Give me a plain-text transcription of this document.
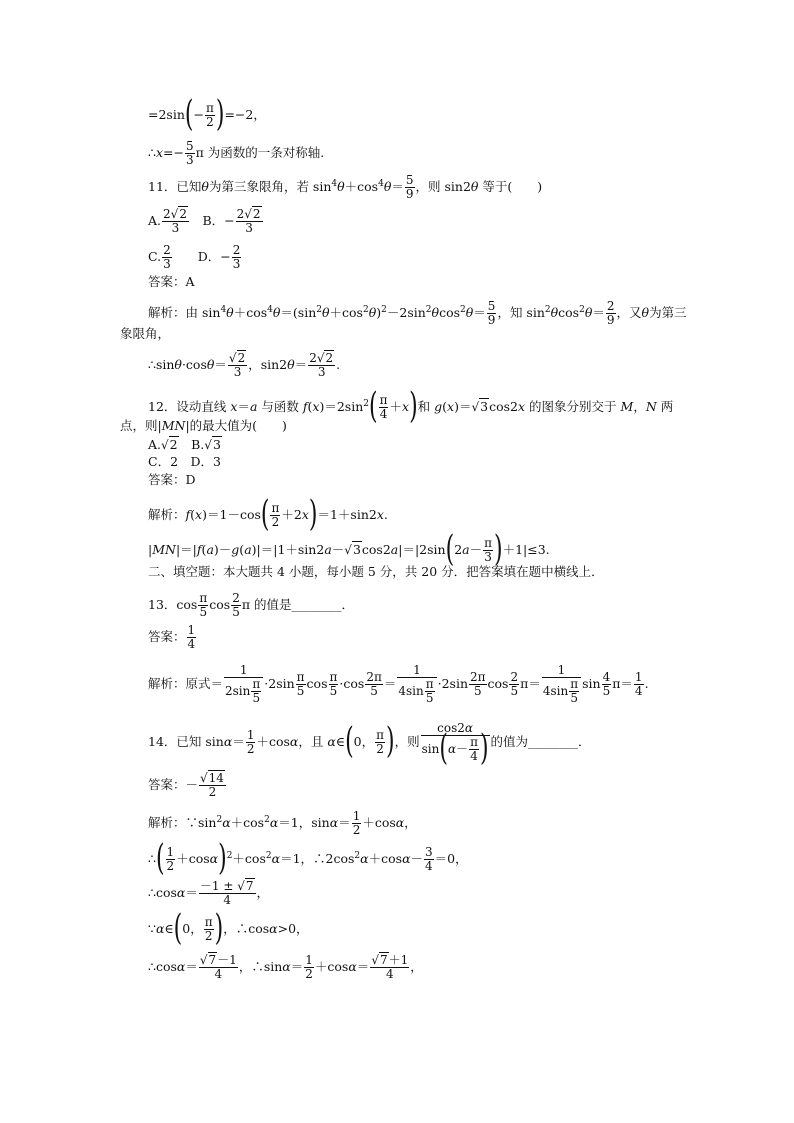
$=2\sin(- \frac{\pi}{2} )=-2$，
∴x=− $\frac{5}{3}$ π 为函数的一条对称轴.
11．已知θ为第三象限角，若 $\sin^4\theta+\cos^4\theta= \frac{5}{9}$ ，则 sin2θ 等于(　　)
A. $\frac{2√2}{3}$ 　B．− $\frac{2√2}{3}$
C. $\frac{2}{3}$ 　　D．− $\frac{2}{3}$
答案：A
解析：由 $\sin^4\theta+\cos^4\theta=(\sin^2\theta+\cos^2\theta)^2-2\sin^2\theta\cos^2\theta= \frac{5}{9}$ ，知 $\sin^2\theta\cos^2\theta= \frac{2}{9}$ ，又θ为第三
象限角，
∴sinθ·cosθ＝ $\frac{√2}{3}$ ，$\sin 2\theta= \frac{2√2}{3}$ .
12．设动直线 x＝a 与函数 $f(x)=2\sin^2( \frac{\pi}{4} +x)$和 g(x)＝√3cos2x 的图象分别交于 M，N 两
点，则|MN|的最大值为(　　)
A.√2　B.√3
C．2　D．3
答案：D
解析：$f(x)=1-\cos( \frac{\pi}{2} +2x)=1+\sin 2x$.
$|MN|=|f(a)-g(a)|=|1+\sin 2a-√3\cos 2a|=|2\sin(2a- \frac{\pi}{3} )+1|\le 3$.
二、填空题：本大题共 4 小题，每小题 5 分，共 20 分．把答案填在题中横线上．
13．$\cos \frac{\pi}{5}$ $\cos \frac{2}{5}$ π 的值是________．
答案： $\frac{1}{4}$
解析：原式＝ $\frac{1}{2\sin \frac{\pi}{5}} \cdot 2\sin \frac{\pi}{5}$ $\cos \frac{\pi}{5} \cdot\cos \frac{2\pi}{5} = \frac{1}{4\sin \frac{\pi}{5}} \cdot 2\sin \frac{2\pi}{5}$ $\cos \frac{2}{5} \pi= \frac{1}{4\sin \frac{\pi}{5}}$ $\sin \frac{4}{5} \pi= \frac{1}{4}$ .
14．已知 $\sin\alpha= \frac{1}{2} +\cos\alpha$，且 α∈(0， $\frac{\pi}{2}$ )，则 $\frac{\cos 2\alpha}{\sin(\alpha- \frac{\pi}{4} )}$ 的值为________．
答案：－ $\frac{√14}{2}$
解析：$\because\sin^2\alpha+\cos^2\alpha=1$，$\sin\alpha= \frac{1}{2} +\cos\alpha$，
∴( $\frac{1}{2} +\cos\alpha)^2+\cos^2\alpha=1$，$\therefore 2\cos^2\alpha+\cos\alpha- \frac{3}{4} =0$，
∴cosα＝ $\frac{-1 \pm √7}{4}$ ，
∵α∈(0， $\frac{\pi}{2}$ )，∴cosα>0，
∴cosα＝ $\frac{√7-1}{4}$ ，∴sinα＝ $\frac{1}{2} +\cos\alpha= \frac{√7+1}{4}$ ，
